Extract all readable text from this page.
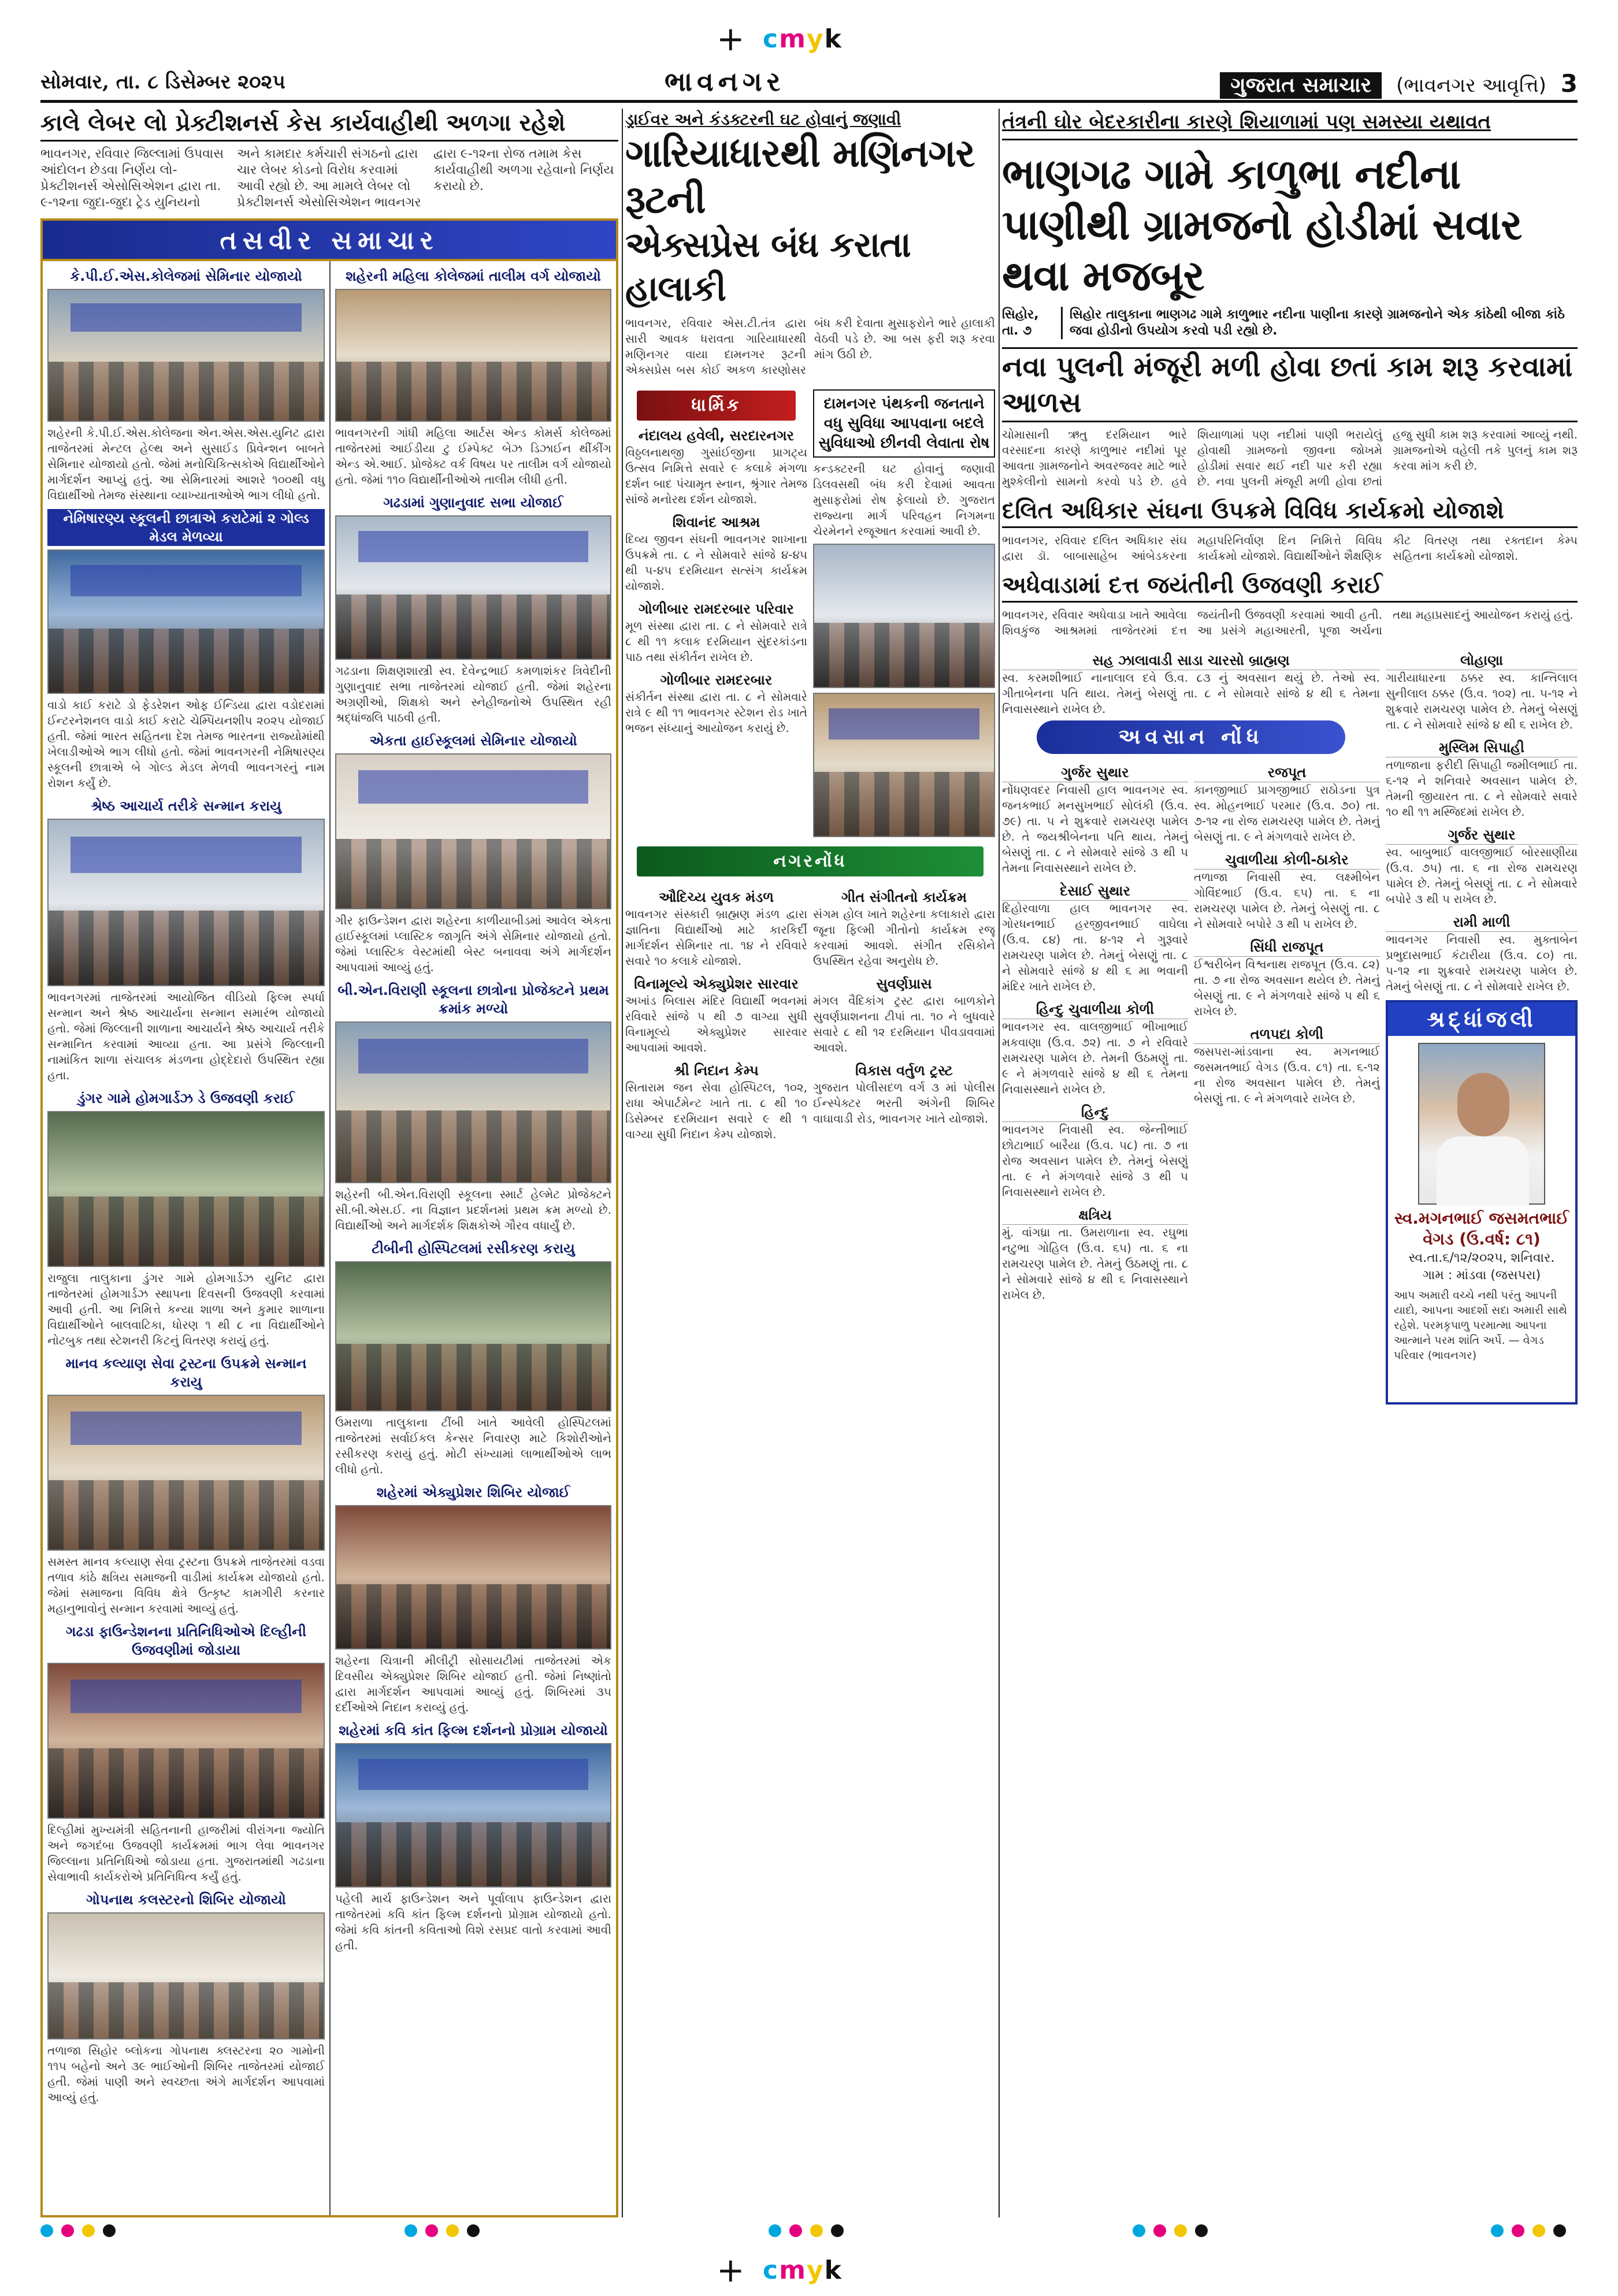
+ cmyk
+ cmyk
સોમવાર, તા. ૮ ડિસેમ્બર ૨૦૨૫	ભાવનગર	ગુજરાત સમાચાર (ભાવનગર આવૃત્તિ) 3
કાલે લેબર લો પ્રેક્ટીશનર્સ કેસ કાર્યવાહીથી અળગા રહેશે
ભાવનગર, રવિવાર જિલ્લામાં ઉપવાસ આંદોલન છેડવા નિર્ણય લો-પ્રેક્ટીશનર્સ એસોસિએશન દ્વારા તા. ૯-૧૨ના જુદા-જુદા ટ્રેડ યુનિયનો અને કામદાર કર્મચારી સંગઠનો દ્વારા ચાર લેબર કોડનો વિરોધ કરવામાં આવી રહ્યો છે. આ મામલે લેબર લો પ્રેક્ટીશનર્સ એસોસિએશન ભાવનગર દ્વારા ૯-૧૨ના રોજ તમામ કેસ કાર્યવાહીથી અળગા રહેવાનો નિર્ણય કરાયો છે.
તસવીર સમાચાર
કે.પી.ઈ.એસ.કોલેજમાં સેમિનાર યોજાયો
શહેરની કે.પી.ઈ.એસ.કોલેજના એન.એસ.એસ.યુનિટ દ્વારા તાજેતરમાં મેન્ટલ હેલ્થ અને સુસાઈડ પ્રિવેન્શન બાબતે સેમિનાર યોજાયો હતો. જેમાં મનોચિકિત્સકોએ વિદ્યાર્થીઓને માર્ગદર્શન આપ્યું હતું. આ સેમિનારમાં આશરે ૧૦૦થી વધુ વિદ્યાર્થીઓ તેમજ સંસ્થાના વ્યાખ્યાતાઓએ ભાગ લીધો હતો.
નેમિષારણ્ય સ્કૂલની છાત્રાએ કરાટેમાં ૨ ગોલ્ડ મેડલ મેળવ્યા
વાડો કાઈ કરાટે ડો ફેડરેશન ઓફ ઈન્ડિયા દ્વારા વડોદરામાં ઈન્ટરનેશનલ વાડો કાઈ કરાટે ચેમ્પિયનશીપ ૨૦૨૫ યોજાઈ હતી. જેમાં ભારત સહિતના દેશ તેમજ ભારતના રાજ્યોમાંથી ખેલાડીઓએ ભાગ લીધો હતો. જેમાં ભાવનગરની નેમિષારણ્ય સ્કૂલની છાત્રાએ બે ગોલ્ડ મેડલ મેળવી ભાવનગરનું નામ રોશન કર્યું છે.
શ્રેષ્ઠ આચાર્ય તરીકે સન્માન કરાયુ
ભાવનગરમાં તાજેતરમાં આયોજિત વીડિયો ફિલ્મ સ્પર્ધા સન્માન અને શ્રેષ્ઠ આચાર્યના સન્માન સમારંભ યોજાયો હતો. જેમાં જિલ્લાની શાળાના આચાર્યને શ્રેષ્ઠ આચાર્ય તરીકે સન્માનિત કરવામાં આવ્યા હતા. આ પ્રસંગે જિલ્લાની નામાંકિત શાળા સંચાલક મંડળના હોદ્દેદારો ઉપસ્થિત રહ્યા હતા.
ડુંગર ગામે હોમગાર્ડઝ ડે ઉજવણી કરાઈ
રાજુલા તાલુકાના ડુંગર ગામે હોમગાર્ડઝ યુનિટ દ્વારા તાજેતરમાં હોમગાર્ડઝ સ્થાપના દિવસની ઉજવણી કરવામાં આવી હતી. આ નિમિત્તે કન્યા શાળા અને કુમાર શાળાના વિદ્યાર્થીઓને બાલવાટિકા, ધોરણ ૧ થી ૮ ના વિદ્યાર્થીઓને નોટબુક તથા સ્ટેશનરી કિટનું વિતરણ કરાયું હતું.
માનવ કલ્યાણ સેવા ટ્રસ્ટના ઉપક્રમે સન્માન કરાયુ
સમસ્ત માનવ કલ્યાણ સેવા ટ્રસ્ટના ઉપક્રમે તાજેતરમાં વડવા તળાવ કાંઠે ક્ષત્રિય સમાજની વાડીમાં કાર્યક્રમ યોજાયો હતો. જેમાં સમાજના વિવિધ ક્ષેત્રે ઉત્કૃષ્ટ કામગીરી કરનાર મહાનુભાવોનું સન્માન કરવામાં આવ્યું હતું.
ગઢડા ફાઉન્ડેશનના પ્રતિનિધિઓએ દિલ્હીની ઉજવણીમાં જોડાયા
દિલ્હીમાં મુખ્યમંત્રી સહિતનાની હાજરીમાં વીરાંગના જ્યોતિ અને જગદંબા ઉજવણી કાર્યક્રમમાં ભાગ લેવા ભાવનગર જિલ્લાના પ્રતિનિધિઓ જોડાયા હતા. ગુજરાતમાંથી ગઢડાના સેવાભાવી કાર્યકરોએ પ્રતિનિધિત્વ કર્યું હતું.
ગોપનાથ કલસ્ટરનો શિબિર યોજાયો
તળાજા સિહોર બ્લોકના ગોપનાથ ક્લસ્ટરના ૨૦ ગામોની ૧૧૫ બહેનો અને ૩૯ ભાઈઓની શિબિર તાજેતરમાં યોજાઈ હતી. જેમાં પાણી અને સ્વચ્છતા અંગે માર્ગદર્શન આપવામાં આવ્યું હતું.
શહેરની મહિલા કોલેજમાં તાલીમ વર્ગ યોજાયો
ભાવનગરની ગાંધી મહિલા આર્ટસ એન્ડ કોમર્સ કોલેજમાં તાજેતરમાં આઈડીયા ટુ ઈમ્પેક્ટ બેઝ ડિઝાઈન થીંકીંગ એન્ડ એ.આઈ. પ્રોજેક્ટ વર્ક વિષય પર તાલીમ વર્ગ યોજાયો હતો. જેમાં ૧૧૦ વિદ્યાર્થીનીઓએ તાલીમ લીધી હતી.
ગઢડામાં ગુણાનુવાદ સભા યોજાઈ
ગઢડાના શિક્ષણશાસ્ત્રી સ્વ. દેવેન્દ્રભાઈ કમળાશંકર ત્રિવેદીની ગુણાનુવાદ સભા તાજેતરમાં યોજાઈ હતી. જેમાં શહેરના અગ્રણીઓ, શિક્ષકો અને સ્નેહીજનોએ ઉપસ્થિત રહી શ્રદ્ધાંજલિ પાઠવી હતી.
એકતા હાઈસ્કૂલમાં સેમિનાર યોજાયો
ગીર ફાઉન્ડેશન દ્વારા શહેરના કાળીયાબીડમાં આવેલ એકતા હાઈસ્કૂલમાં પ્લાસ્ટિક જાગૃતિ અંગે સેમિનાર યોજાયો હતો. જેમાં પ્લાસ્ટિક વેસ્ટમાંથી બેસ્ટ બનાવવા અંગે માર્ગદર્શન આપવામાં આવ્યું હતું.
બી.એન.વિરાણી સ્કૂલના છાત્રોના પ્રોજેક્ટને પ્રથમ ક્રમાંક મળ્યો
શહેરની બી.એન.વિરાણી સ્કૂલના સ્માર્ટ હેલ્મેટ પ્રોજેક્ટને સી.બી.એસ.ઈ. ના વિજ્ઞાન પ્રદર્શનમાં પ્રથમ ક્રમ મળ્યો છે. વિદ્યાર્થીઓ અને માર્ગદર્શક શિક્ષકોએ ગૌરવ વધાર્યું છે.
ટીબીની હોસ્પિટલમાં રસીકરણ કરાયુ
ઉમરાળા તાલુકાના ટીંબી ખાતે આવેલી હોસ્પિટલમાં તાજેતરમાં સર્વાઈકલ કેન્સર નિવારણ માટે કિશોરીઓને રસીકરણ કરાયું હતું. મોટી સંખ્યામાં લાભાર્થીઓએ લાભ લીધો હતો.
શહેરમાં એક્યુપ્રેશર શિબિર યોજાઈ
શહેરના ચિત્રાની મીલીટ્રી સોસાયટીમાં તાજેતરમાં એક દિવસીય એક્યુપ્રેશર શિબિર યોજાઈ હતી. જેમાં નિષ્ણાંતો દ્વારા માર્ગદર્શન આપવામાં આવ્યું હતું. શિબિરમાં ૩૫ દર્દીઓએ નિદાન કરાવ્યું હતું.
શહેરમાં કવિ કાંત ફિલ્મ દર્શનનો પ્રોગ્રામ યોજાયો
પહેલી માર્ચ ફાઉન્ડેશન અને પૂર્વાલાપ ફાઉન્ડેશન દ્વારા તાજેતરમાં કવિ કાંત ફિલ્મ દર્શનનો પ્રોગ્રામ યોજાયો હતો. જેમાં કવિ કાંતની કવિતાઓ વિશે રસપ્રદ વાતો કરવામાં આવી હતી.
ડ્રાઈવર અને કંડક્ટરની ઘટ હોવાનું જણાવી
ગારિયાધારથી મણિનગર રૂટની
એક્સપ્રેસ બંધ કરાતા હાલાકી
ભાવનગર, રવિવાર એસ.ટી.તંત્ર દ્વારા સારી આવક ધરાવતા ગારિયાધારથી મણિનગર વાયા દામનગર રૂટની એક્સપ્રેસ બસ કોઈ અકળ કારણોસર બંધ કરી દેવાતા મુસાફરોને ભારે હાલાકી વેઠવી પડે છે. આ બસ ફરી શરૂ કરવા માંગ ઉઠી છે.
ધાર્મિક
નંદાલય હવેલી, સરદારનગર
વિઠ્ઠલનાથજી ગુસાંઈજીના પ્રાગટ્ય ઉત્સવ નિમિત્તે સવારે ૯ કલાકે મંગળા દર્શન બાદ પંચામૃત સ્નાન, શ્રૃંગાર તેમજ સાંજે મનોરથ દર્શન યોજાશે.
શિવાનંદ આશ્રમ
દિવ્ય જીવન સંઘની ભાવનગર શાખાના ઉપક્રમે તા. ૮ ને સોમવારે સાંજે ૪-૪૫ થી ૫-૪૫ દરમિયાન સત્સંગ કાર્યક્રમ યોજાશે.
ગોળીબાર રામદરબાર પરિવાર
મૂળ સંસ્થા દ્વારા તા. ૮ ને સોમવારે રાત્રે ૮ થી ૧૧ કલાક દરમિયાન સુંદરકાંડના પાઠ તથા સંકીર્તન રાખેલ છે.
ગોળીબાર રામદરબાર
સંકીર્તન સંસ્થા દ્વારા તા. ૮ ને સોમવારે રાત્રે ૯ થી ૧૧ ભાવનગર સ્ટેશન રોડ ખાતે ભજન સંધ્યાનું આયોજન કરાયું છે.
દામનગર પંથકની જનતાને વધુ સુવિધા આપવાના બદલે સુવિધાઓ છીનવી લેવાતા રોષ
કન્ડક્ટરની ઘટ હોવાનું જણાવી ડિલવસથી બંધ કરી દેવામાં આવતા મુસાફરોમાં રોષ ફેલાયો છે. ગુજરાત રાજ્યના માર્ગ પરિવહન નિગમના ચેરમેનને રજૂઆત કરવામાં આવી છે.
નગરનોંધ
ઔદિચ્ય યુવક મંડળ
ભાવનગર સંસ્કારી બ્રાહ્મણ મંડળ દ્વારા જ્ઞાતિના વિદ્યાર્થીઓ માટે કારકિર્દી માર્ગદર્શન સેમિનાર તા. ૧૪ ને રવિવારે સવારે ૧૦ કલાકે યોજાશે.
વિનામૂલ્યે એક્યુપ્રેશર સારવાર
અખાંડ બિલાસ મંદિર વિદ્યાર્થી ભવનમાં રવિવારે સાંજે ૫ થી ૭ વાગ્યા સુધી વિનામૂલ્યે એક્યુપ્રેશર સારવાર આપવામાં આવશે.
શ્રી નિદાન કેમ્પ
સિતારામ જન સેવા હોસ્પિટલ, ૧૦૨, રાધા એપાર્ટમેન્ટ ખાતે તા. ૮ થી ૧૦ ડિસેમ્બર દરમિયાન સવારે ૯ થી ૧ વાગ્યા સુધી નિદાન કેમ્પ યોજાશે.
ગીત સંગીતનો કાર્યક્રમ
સંગમ હોલ ખાતે શહેરના કલાકારો દ્વારા જૂના ફિલ્મી ગીતોનો કાર્યક્રમ રજૂ કરવામાં આવશે. સંગીત રસિકોને ઉપસ્થિત રહેવા અનુરોધ છે.
સુવર્ણપ્રાસ
મંગલ વૈદિકાંગ ટ્રસ્ટ દ્વારા બાળકોને સુવર્ણપ્રાશનના ટીપાં તા. ૧૦ ને બુધવારે સવારે ૮ થી ૧૨ દરમિયાન પીવડાવવામાં આવશે.
વિકાસ વર્તુળ ટ્રસ્ટ
ગુજરાત પોલીસદળ વર્ગ ૩ માં પોલીસ ઈન્સ્પેક્ટર ભરતી અંગેની શિબિર વાઘાવાડી રોડ, ભાવનગર ખાતે યોજાશે.
તંત્રની ઘોર બેદરકારીના કારણે શિયાળામાં પણ સમસ્યા યથાવત
ભાણગઢ ગામે કાળુભા નદીના પાણીથી ગ્રામજનો હોડીમાં સવાર થવા મજબૂર
સિહોર, તા. ૭
સિહોર તાલુકાના ભાણગઢ ગામે કાળુભાર નદીના પાણીના કારણે ગ્રામજનોને એક કાંઠેથી બીજા કાંઠે જવા હોડીનો ઉપયોગ કરવો પડી રહ્યો છે.
નવા પુલની મંજૂરી મળી હોવા છતાં કામ શરૂ કરવામાં આળસ
ચોમાસાની ઋતુ દરમિયાન ભારે વરસાદના કારણે કાળુભાર નદીમાં પૂર આવતા ગ્રામજનોને અવરજવર માટે ભારે મુશ્કેલીનો સામનો કરવો પડે છે. હવે શિયાળામાં પણ નદીમાં પાણી ભરાયેલું હોવાથી ગ્રામજનો જીવના જોખમે હોડીમાં સવાર થઈ નદી પાર કરી રહ્યા છે. નવા પુલની મંજૂરી મળી હોવા છતાં હજુ સુધી કામ શરૂ કરવામાં આવ્યું નથી. ગ્રામજનોએ વહેલી તકે પુલનું કામ શરૂ કરવા માંગ કરી છે.
દલિત અધિકાર સંઘના ઉપક્રમે વિવિધ કાર્યક્રમો યોજાશે
ભાવનગર, રવિવાર દલિત અધિકાર સંઘ દ્વારા ડૉ. બાબાસાહેબ આંબેડકરના મહાપરિનિર્વાણ દિન નિમિત્તે વિવિધ કાર્યક્રમો યોજાશે. વિદ્યાર્થીઓને શૈક્ષણિક કીટ વિતરણ તથા રક્તદાન કેમ્પ સહિતના કાર્યક્રમો યોજાશે.
અધેવાડામાં દત્ત જયંતીની ઉજવણી કરાઈ
ભાવનગર, રવિવાર અધેવાડા ખાતે આવેલા શિવકુંજ આશ્રમમાં તાજેતરમાં દત્ત જયંતીની ઉજવણી કરવામાં આવી હતી. આ પ્રસંગે મહાઆરતી, પૂજા અર્ચના તથા મહાપ્રસાદનું આયોજન કરાયું હતું.
સહ ઝાલાવાડી સાડા ચારસો બ્રાહ્મણ
સ્વ. કરમશીભાઈ નાનાલાલ દવે ઉ.વ. ૮૩ નું અવસાન થયું છે. તેઓ સ્વ. ગીતાબેનના પતિ થાય. તેમનું બેસણું તા. ૮ ને સોમવારે સાંજે ૪ થી ૬ તેમના નિવાસસ્થાને રાખેલ છે.
અવસાન નોંધ
ગુર્જર સુથાર
નોંધણવદર નિવાસી હાલ ભાવનગર સ્વ. જનકભાઈ મનસુખભાઈ સોલંકી (ઉ.વ. ૭૯) તા. ૫ ને શુક્રવારે રામચરણ પામેલ છે. તે જયશ્રીબેનના પતિ થાય. તેમનું બેસણું તા. ૮ ને સોમવારે સાંજે ૩ થી ૫ તેમના નિવાસસ્થાને રાખેલ છે.
દેસાઈ સુથાર
દિહોરવાળા હાલ ભાવનગર સ્વ. ગોરધનભાઈ હરજીવનભાઈ વાઘેલા (ઉ.વ. ૮૪) તા. ૪-૧૨ ને ગુરૂવારે રામચરણ પામેલ છે. તેમનું બેસણું તા. ૮ ને સોમવારે સાંજે ૪ થી ૬ મા ભવાની મંદિર ખાતે રાખેલ છે.
હિન્દુ ચુવાળીયા કોળી
ભાવનગર સ્વ. વાલજીભાઈ ભીખાભાઈ મકવાણા (ઉ.વ. ૭૨) તા. ૭ ને રવિવારે રામચરણ પામેલ છે. તેમની ઉઠમણું તા. ૯ ને મંગળવારે સાંજે ૪ થી ૬ તેમના નિવાસસ્થાને રાખેલ છે.
હિન્દુ
ભાવનગર નિવાસી સ્વ. જેન્તીભાઈ છોટાભાઈ બારૈયા (ઉ.વ. ૫૮) તા. ૭ ના રોજ અવસાન પામેલ છે. તેમનું બેસણું તા. ૯ ને મંગળવારે સાંજે ૩ થી ૫ નિવાસસ્થાને રાખેલ છે.
ક્ષત્રિય
મું. વાંગધ્રા તા. ઉમરાળાના સ્વ. રઘુભા નટુભા ગોહિલ (ઉ.વ. ૬૫) તા. ૬ ના રામચરણ પામેલ છે. તેમનું ઉઠમણું તા. ૮ ને સોમવારે સાંજે ૪ થી ૬ નિવાસસ્થાને રાખેલ છે.
રજપૂત
કાનજીભાઈ પ્રાગજીભાઈ રાઠોડના પુત્ર સ્વ. મોહનભાઈ પરમાર (ઉ.વ. ૭૦) તા. ૭-૧૨ ના રોજ રામચરણ પામેલ છે. તેમનું બેસણું તા. ૯ ને મંગળવારે રાખેલ છે.
ચુવાળીયા કોળી-ઠાકોર
તળાજા નિવાસી સ્વ. લક્ષ્મીબેન ગોવિંદભાઈ (ઉ.વ. ૬૫) તા. ૬ ના રામચરણ પામેલ છે. તેમનું બેસણું તા. ૮ ને સોમવારે બપોરે ૩ થી ૫ રાખેલ છે.
સિંધી રાજપૂત
ઈશ્વરીબેન વિશ્વનાથ રાજપૂત (ઉ.વ. ૮૨) તા. ૭ ના રોજ અવસાન થયેલ છે. તેમનું બેસણું તા. ૯ ને મંગળવારે સાંજે ૫ થી ૬ રાખેલ છે.
તળપદા કોળી
જસપરા-માંડવાના સ્વ. મગનભાઈ જસમતભાઈ વેગડ (ઉ.વ. ૮૧) તા. ૬-૧૨ ના રોજ અવસાન પામેલ છે. તેમનું બેસણું તા. ૯ ને મંગળવારે રાખેલ છે.
લોહાણા
ગારીયાધારના ઠક્કર સ્વ. કાન્તિલાલ સુનીલાલ ઠક્કર (ઉ.વ. ૧૦૨) તા. ૫-૧૨ ને શુક્રવારે રામચરણ પામેલ છે. તેમનું બેસણું તા. ૮ ને સોમવારે સાંજે ૪ થી ૬ રાખેલ છે.
મુસ્લિમ સિપાહી
તળાજાના ફરીદી સિપાહી જમીલભાઈ તા. ૬-૧૨ ને શનિવારે અવસાન પામેલ છે. તેમની જીયારત તા. ૮ ને સોમવારે સવારે ૧૦ થી ૧૧ મસ્જિદમાં રાખેલ છે.
ગુર્જર સુથાર
સ્વ. બાબુભાઈ વાલજીભાઈ બોરસાણીયા (ઉ.વ. ૭૫) તા. ૬ ના રોજ રામચરણ પામેલ છે. તેમનું બેસણું તા. ૮ ને સોમવારે બપોરે ૩ થી ૫ રાખેલ છે.
રામી માળી
ભાવનગર નિવાસી સ્વ. મુક્તાબેન પ્રભુદાસભાઈ કંટારીયા (ઉ.વ. ૮૦) તા. ૫-૧૨ ના શુક્રવારે રામચરણ પામેલ છે. તેમનું બેસણું તા. ૮ ને સોમવારે રાખેલ છે.
શ્રદ્ધાંજલી
સ્વ.મગનભાઈ જસમતભાઈ વેગડ (ઉ.વર્ષ: ૮૧)
સ્વ.તા.૬/૧૨/૨૦૨૫, શનિવાર.
ગામ : માંડવા (જસપરા)
આપ અમારી વચ્ચે નથી પરંતુ આપની યાદો, આપના આદર્શો સદા અમારી સાથે રહેશે. પરમકૃપાળુ પરમાત્મા આપના આત્માને પરમ શાંતિ અર્પે. — વેગડ પરિવાર (ભાવનગર)
